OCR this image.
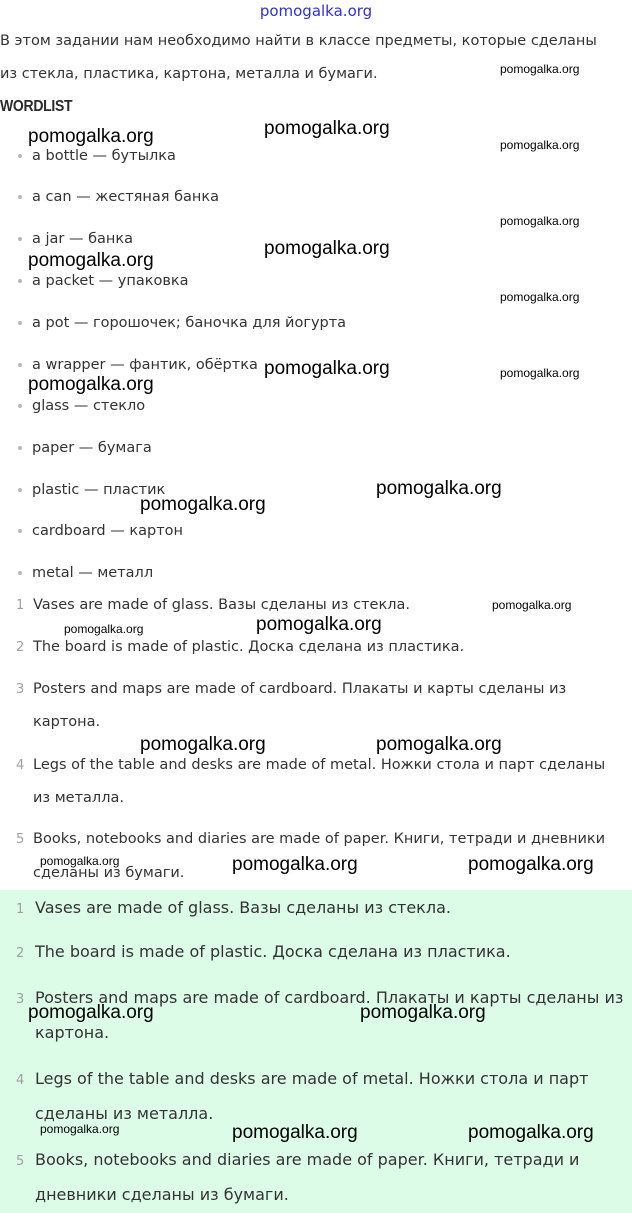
pomogalka.org
В этом задании нам необходимо найти в классе предметы, которые сделаны
из стекла, пластика, картона, металла и бумаги.
WORDLIST
a bottle — бутылка
a can — жестяная банка
a jar — банка
a packet — упаковка
a pot — горошочек; баночка для йогурта
a wrapper — фантик, обёртка
glass — стекло
paper — бумага
plastic — пластик
cardboard — картон
metal — металл
1 Vases are made of glass. Вазы сделаны из стекла.
2 The board is made of plastic. Доска сделана из пластика.
3 Posters and maps are made of cardboard. Плакаты и карты сделаны из
картона.
4 Legs of the table and desks are made of metal. Ножки стола и парт сделаны
из металла.
5 Books, notebooks and diaries are made of paper. Книги, тетради и дневники
сделаны из бумаги.
1 Vases are made of glass. Вазы сделаны из стекла.
2 The board is made of plastic. Доска сделана из пластика.
3 Posters and maps are made of cardboard. Плакаты и карты сделаны из
картона.
4 Legs of the table and desks are made of metal. Ножки стола и парт
сделаны из металла.
5 Books, notebooks and diaries are made of paper. Книги, тетради и
дневники сделаны из бумаги.
pomogalka.org
pomogalka.org	pomogalka.org
pomogalka.org
pomogalka.org
pomogalka.org
pomogalka.org
pomogalka.org
pomogalka.org	pomogalka.org
pomogalka.org
pomogalka.org
pomogalka.org
pomogalka.org
pomogalka.org
pomogalka.org
pomogalka.org	pomogalka.org
pomogalka.org	pomogalka.org	pomogalka.org
pomogalka.org	pomogalka.org
pomogalka.org	pomogalka.org	pomogalka.org
